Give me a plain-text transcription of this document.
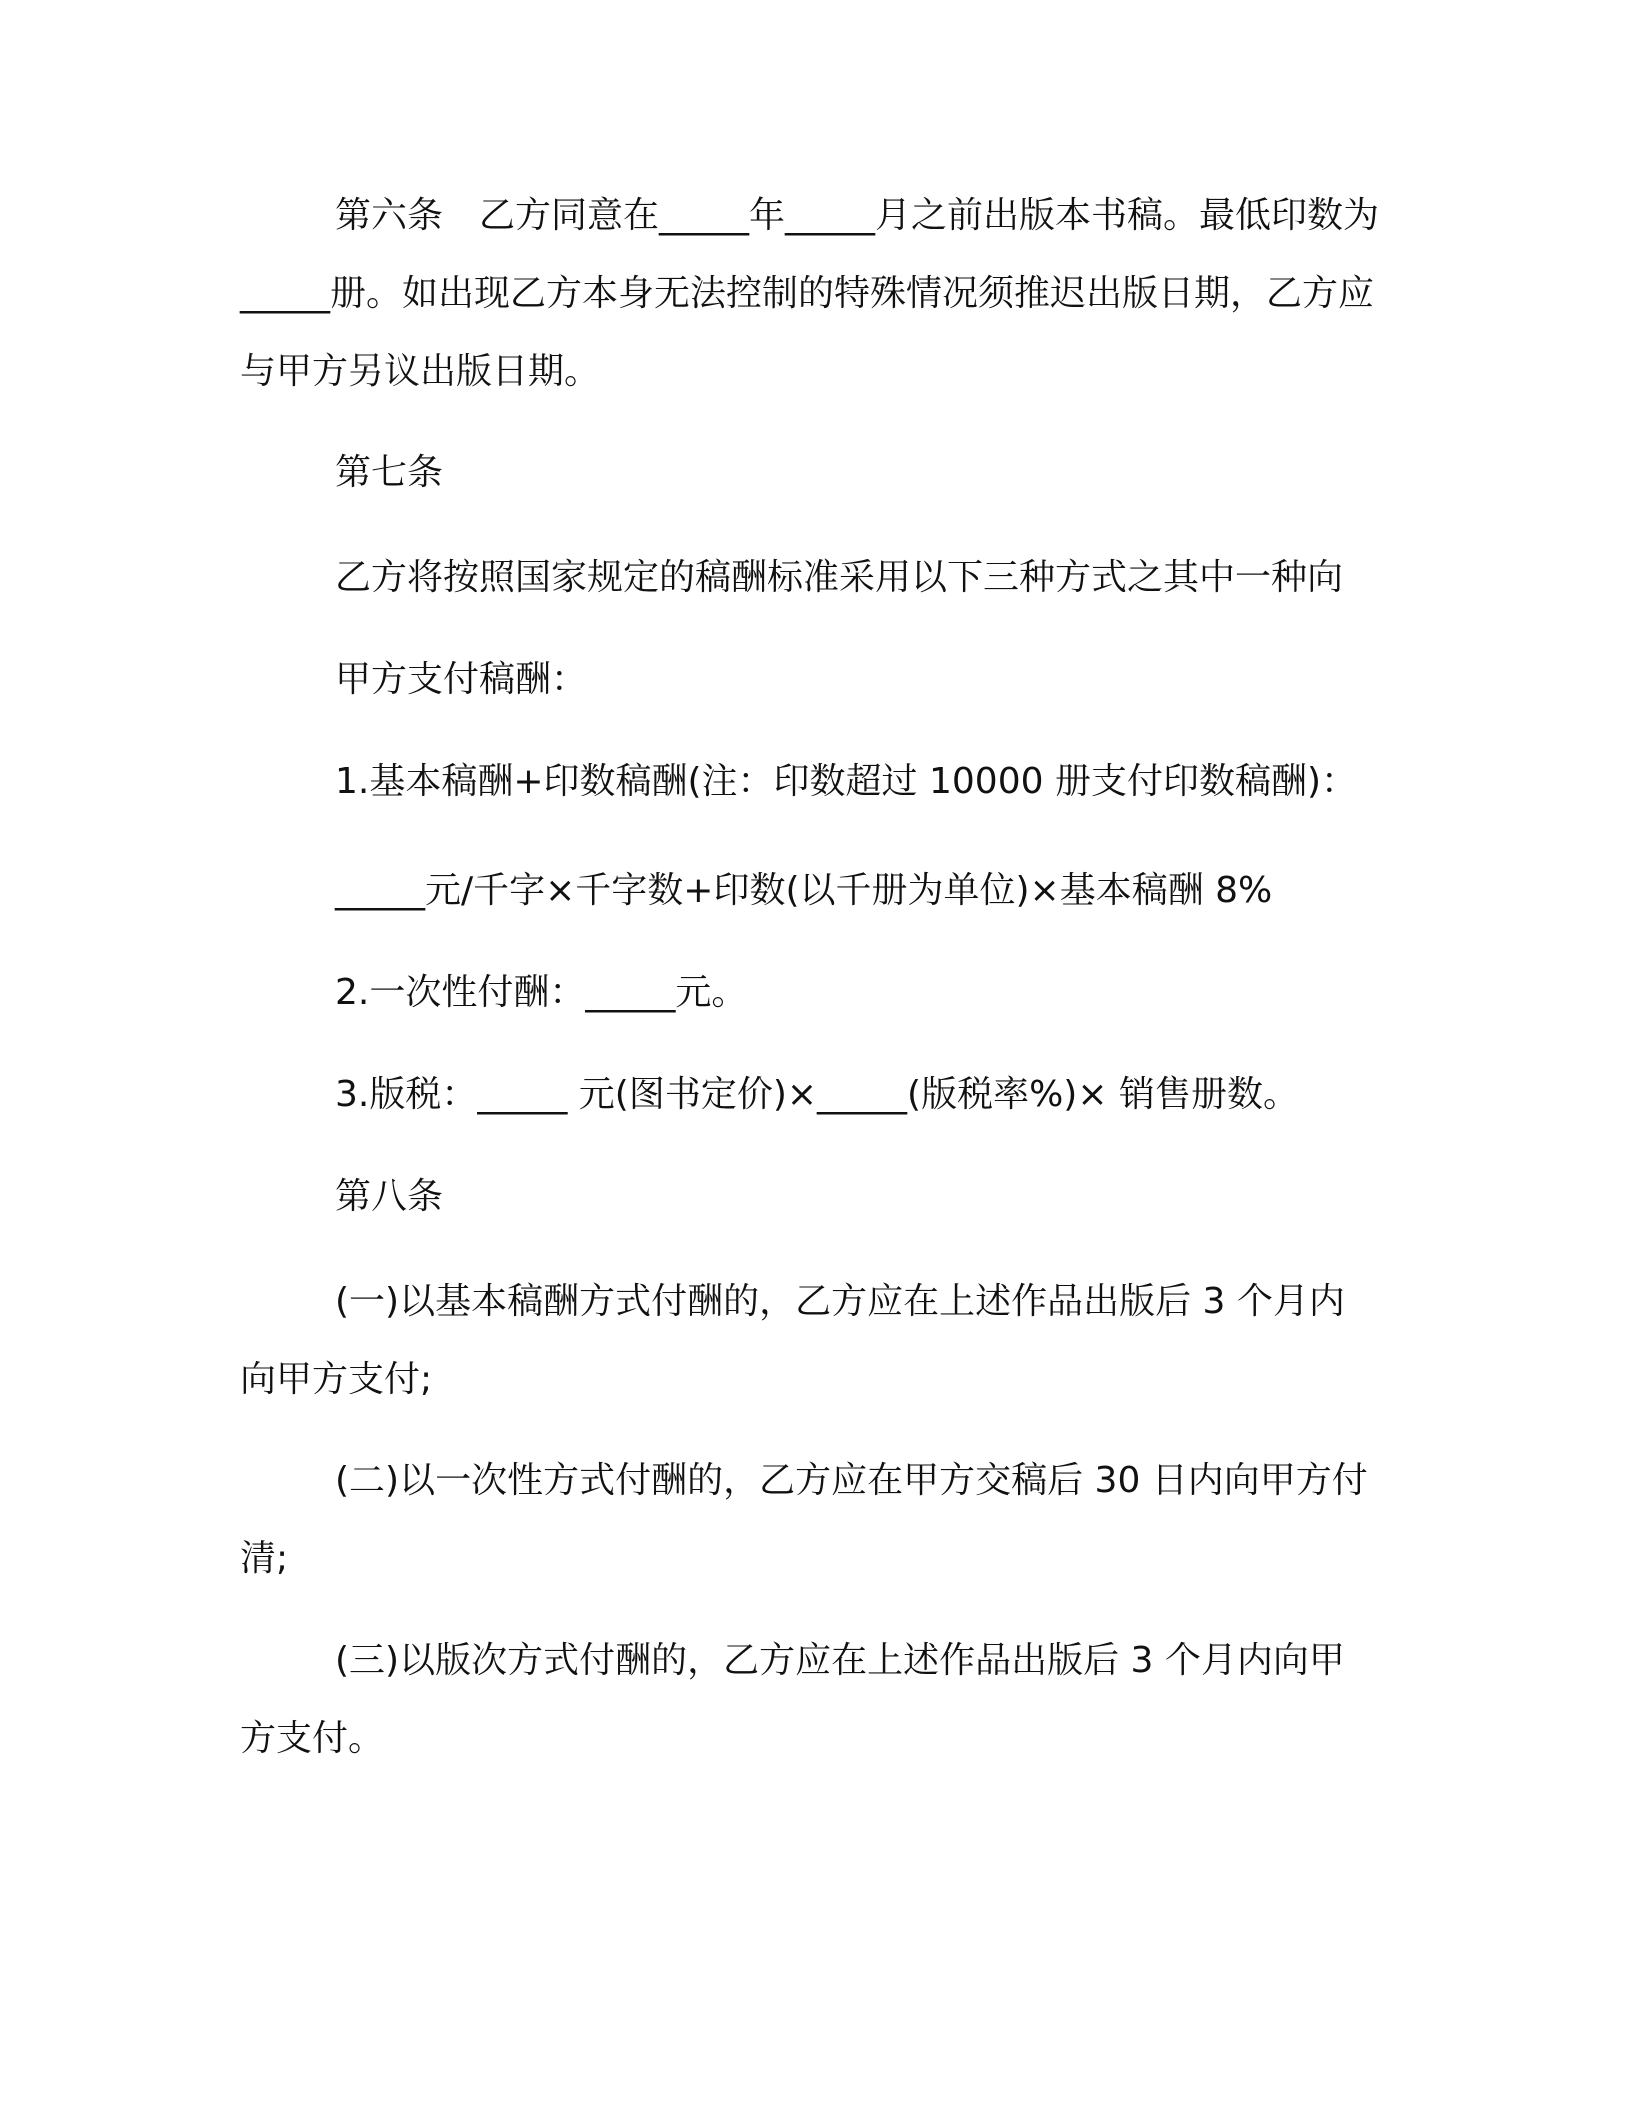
第六条　乙方同意在_____年_____月之前出版本书稿。最低印数为_____册。如出现乙方本身无法控制的特殊情况须推迟出版日期，乙方应与甲方另议出版日期。

第七条

乙方将按照国家规定的稿酬标准采用以下三种方式之其中一种向

甲方支付稿酬：

1.基本稿酬+印数稿酬(注：印数超过 10000 册支付印数稿酬)：

_____元/千字×千字数+印数(以千册为单位)×基本稿酬 8%

2.一次性付酬：_____元。

3.版税：_____ 元(图书定价)×_____(版税率%)× 销售册数。

第八条

(一)以基本稿酬方式付酬的，乙方应在上述作品出版后 3 个月内向甲方支付;

(二)以一次性方式付酬的，乙方应在甲方交稿后 30 日内向甲方付清;

(三)以版次方式付酬的，乙方应在上述作品出版后 3 个月内向甲方支付。
